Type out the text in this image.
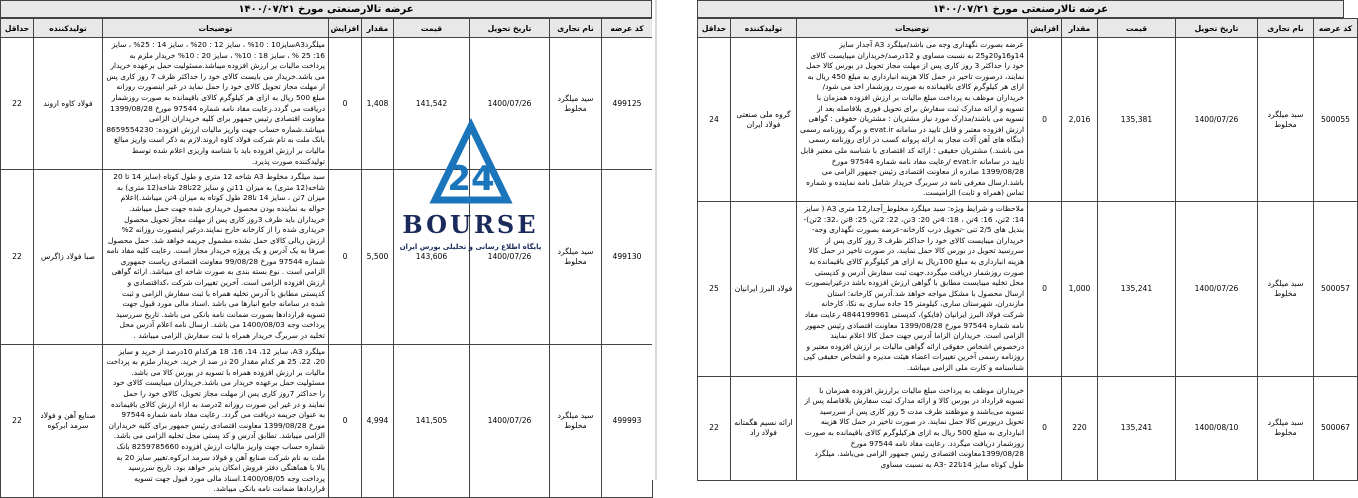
عرضه تالارصنعتی مورخ ۱۴۰۰/۰۷/۲۱
کد عرضه	نام تجاری	تاریخ تحویل	قیمت	مقدار	افزایش	توضیحات	تولیدکننده	حداقل
499125	سید میلگرد مخلوط	1400/07/26	141,542	1,408	0	میلگردA3سایز10 : 10% ، سایز 12 : 20% ، سایز 14 : 25% ، سایز 16: 25 % ، سایز 18 : 10% ، سایز 20 : 10% خریدار ملزم به پرداخت مالیات بر ارزش افزوده میباشد.مسئولیت حمل برعهده خریدار می باشد.خریدار می بایست کالای خود را حداکثر ظرف 7 روز کاری پس از مهلت مجاز تحویل کالای خود را حمل نماید در غیر اینصورت روزانه مبلغ 500 ریال به ازای هر کیلوگرم کالای باقیمانده به صورت روزشمار دریافت می گردد.رعایت مفاد نامه شماره 97544 مورخ 1399/08/28 معاونت اقتصادی رئیس جمهور برای کلیه خریداران الزامی میباشد.شماره حساب جهت واریز مالیات ارزش افزوده: 8659554230 بانک ملت به نام شرکت فولاد کاوه اروند.لازم به ذکر است واریز مبالغ مالیات بر ارزش افزوده باید با شناسه واریزی اعلام شده توسط تولیدکننده صورت پذیرد.	فولاد کاوه اروند	22
499130	سید میلگرد مخلوط	1400/07/26	143,606	5,500	0	سبد میلگرد مخلوط A3 شاخه 12 متری و طول کوتاه (سایز 14 تا 20 شاخه(12 متری) به میزان 11تن و سایز 22تا28 شاخه(12 متری) به میزان 7تن ، سایز 14 تا28 طول کوتاه به میزان 4تن میباشد.)اعلام حواله به نماینده بودن محصول خریداری شده جهت حمل میباشد. خریداران باید ظرف 3روز کاری پس از مهلت مجاز تحویل محصول خریداری شده را از کارخانه خارج نمایند.درغیر اینصورت روزانه 2% ارزش ریالی کالای حمل نشده مشمول جریمه خواهد شد. حمل محصول صرفا به یک آدرس و یک پروژه خریدار مجاز است. رعایت کلیه مفاد نامه شماره 97544 مورخ 99/08/28 معاونت اقتصادی ریاست جمهوری الزامی است . نوع بسته بندی به صورت شاخه ای میباشد. ارائه گواهی ارزش افزوده الزامی است. آخرین تغییرات شرکت ،کداقتصادی و کدپستی مطابق با آدرس تخلیه همراه با ثبت سفارش الزامی و ثبت شده در سامانه جامع انبارها می باشد .اسناد مالی مورد قبول جهت تسویه قراردادها بصورت ضمانت نامه بانکی می باشد. تاریخ سررسید پرداخت وجه 1400/08/03 می باشد. ارسال نامه اعلام آدرس محل تخلیه در سربرگ خریدار همراه با ثبت سفارش الزامی میباشد .	صبا فولاد زاگرس	22
499993	سید میلگرد مخلوط	1400/07/26	141,505	4,994	0	میلگرد A3، سایز 12، 14، 16، 18 هرکدام 10درصد از خرید و سایز 20، 22، 25 هر کدام مقدار 20 در صد از خرید. خریدار ملزم به پرداخت مالیات بر ارزش افزوده همراه با تسویه در بورس کالا می باشد. مسئولیت حمل برعهده خریدار می باشد.خریداران میبایست کالای خود را حداکثر 7روز کاری پس از مهلت مجاز تحویل، کالای خود را حمل نمایند و در غیر این صورت روزانه 2درصد به ازاء ارزش کالای باقیمانده به عنوان جریمه دریافت می گردد. رعایت مفاد نامه شماره 97544 مورخ 1399/08/28 معاونت اقتصادی رئیس جمهور برای کلیه خریداران الزامی میباشد. تطابق آدرس و کد پستی محل تخلیه الزامی می باشد. شماره حساب جهت واریز مالیات ارزش افزوده 8259785660 بانک ملت به نام شرکت صنایع آهن و فولاد سرمد ابرکوه.تغییر سایز 20 به بالا با هماهنگی دفتر فروش امکان پذیر خواهد بود. تاریخ سررسید پرداخت وجه 1400/08/05.اسناد مالی مورد قبول جهت تسویه قراردادها ضمانت نامه بانکی میباشد.	صنایع آهن و فولاد سرمد ابرکوه	22
24
BOURSE
پایگاه اطلاع رسانی و تحلیلی بورس ایران
عرضه تالارصنعتی مورخ ۱۴۰۰/۰۷/۲۱
کد عرضه	نام تجاری	تاریخ تحویل	قیمت	مقدار	افزایش	توضیحات	تولیدکننده	حداقل
500055	سبد میلگرد مخلوط	1400/07/26	135,381	2,016	0	عرضه بصورت نگهداری وجه می باشد/میلگرد A3 آجدار سایز 14و16و20و25 به نسبت مساوی و 12درصد/خریداران میبایست کالای خود را حداکثر 3 روز کاری پس از مهلت مجاز تحویل در بورس کالا حمل نمایند، درصورت تاخیر در حمل کالا هزینه انبارداری به مبلغ 450 ریال به ازای هر کیلوگرم کالای باقیمانده به صورت روزشمار اخذ می شود/ خریداران موظف به پرداخت مبلغ مالیات بر ارزش افزوده همزمان با تسویه و ارائه مدارک ثبت سفارش برای تحویل فوری بلافاصله بعد از تسویه می باشند/مدارک مورد نیاز مشتریان : مشتریان حقوقی : گواهی ارزش افزوده معتبر و قابل تایید در سامانه evat.ir و برگه روزنامه رسمی (بنگاه های آهن آلات مجاز به ارائه پروانه کسب در ازای روزنامه رسمی می باشند.) مشتریان حقیقی : ارائه کد اقتصادی با شناسه ملی معتبر قابل تایید در سامانه evat.ir /رعایت مفاد نامه شماره 97544 مورخ 1399/08/28 صادره از معاونت اقتصادی رئیس جمهور الزامی می باشد.ارسال معرفی نامه در سربرگ خریدار شامل نامه نماینده و شماره تماس (همراه و ثابت) الزامیست.	گروه ملی صنعتی فولاد ایران	24
500057	سبد میلگرد مخلوط	1400/07/26	135,241	1,000	0	ملاحظات و شرایط ویژه: سبد میلگرد مخلوط_آجدار12 متری A3 ( سایز 14: 2تن، 16: 4تن ، 18: 4تن 20: 3تن، 22: 2تن، 25: 8تن ،32: 2تن)- بندیل های 2/5 تنی -تحویل درب کارخانه-عرضه بصورت نگهداری وجه-خریداران میبایست کالای خود را حداکثر ظرف 3 روز کاری پس از سررسید تحویل در بورس کالا حمل نمایند، در صورت تاخیر در حمل کالا هزینه انبارداری به مبلغ 100ریال به ازای هر کیلوگرم کالای باقیمانده به صورت روزشمار دریافت میگردد.جهت ثبت سفارش آدرس و کدپستی محل تخلیه میبایست مطابق با گواهی ارزش افزوده باشد درغیراینصورت ارسال محصول با مشکل مواجه خواهد شد.آدرس کارخانه: استان مازندران، شهرستان ساری، کیلومتر 15 جاده ساری به نکا، کارخانه شرکت فولاد البرز ایرانیان (فایکو)، کدپستی 4844199961 رعایت مفاد نامه شماره 97544 مورخ 1399/08/28 معاونت اقتصادی رئیس جمهور الزامی است. خریداران الزاما آدرس جهت حمل کالا اعلام نمایند درخصوص اشخاص حقوقی ارائه گواهی مالیات بر ارزش افزوده معتبر و روزنامه رسمی آخرین تغییرات اعضاء هیئت مدیره و اشخاص حقیقی کپی شناسنامه و کارت ملی الزامی میباشد.	فولاد البرز ایرانیان	25
500067	سبد میلگرد مخلوط	1400/08/10	135,241	220	0	خریداران موظف به پرداخت مبلغ مالیات برارزش افزوده همزمان با تسویه قرارداد در بورس کالا و ارائه مدارک ثبت سفارش بلافاصله پس از تسویه می‌باشند و موظفند ظرف مدت 5 روز کاری پس از سررسید تحویل دربورس کالا حمل نمایند. در صورت تاخیر در حمل کالا هزینه انبارداری به مبلغ 500 ریال به ازای هرکیلوگرم کالای باقیمانده به صورت روزشمار دریافت میگردد. رعایت مفاد نامه 97544 مورخ 1399/08/28معاونت اقتصادی رئیس جمهور الزامی می‌باشد. میلگرد طول کوتاه سایز 14تا22 -A3 به نسبت مساوی	ارائه نسیم هگمتانه فولاد راد	22
